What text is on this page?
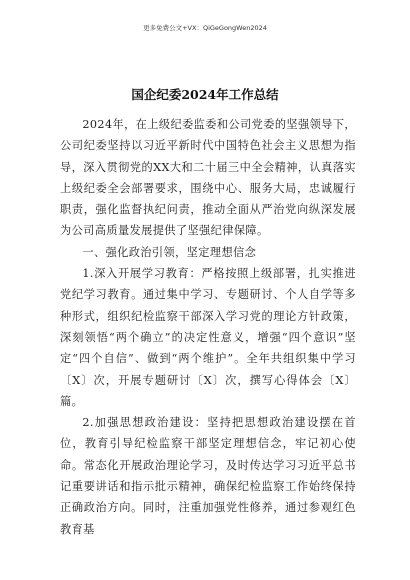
更多免费公文+VX：QiGeGongWen2024
国企纪委2024年工作总结

2024年，在上级纪委监委和公司党委的坚强领导下，公司纪委坚持以习近平新时代中国特色社会主义思想为指导，深入贯彻党的XX大和二十届三中全会精神，认真落实上级纪委全会部署要求，围绕中心、服务大局，忠诚履行职责，强化监督执纪问责，推动全面从严治党向纵深发展为公司高质量发展提供了坚强纪律保障。

一、强化政治引领，坚定理想信念

1.深入开展学习教育：严格按照上级部署，扎实推进党纪学习教育。通过集中学习、专题研讨、个人自学等多种形式，组织纪检监察干部深入学习党的理论方针政策，深刻领悟“两个确立”的决定性意义，增强“四个意识”坚定“四个自信”、做到“两个维护”。全年共组织集中学习〔X〕次，开展专题研讨〔X〕次，撰写心得体会〔X〕篇。

2.加强思想政治建设：坚持把思想政治建设摆在首位，教育引导纪检监察干部坚定理想信念，牢记初心使命。常态化开展政治理论学习，及时传达学习习近平总书记重要讲话和指示批示精神，确保纪检监察工作始终保持正确政治方向。同时，注重加强党性修养，通过参观红色教育基
